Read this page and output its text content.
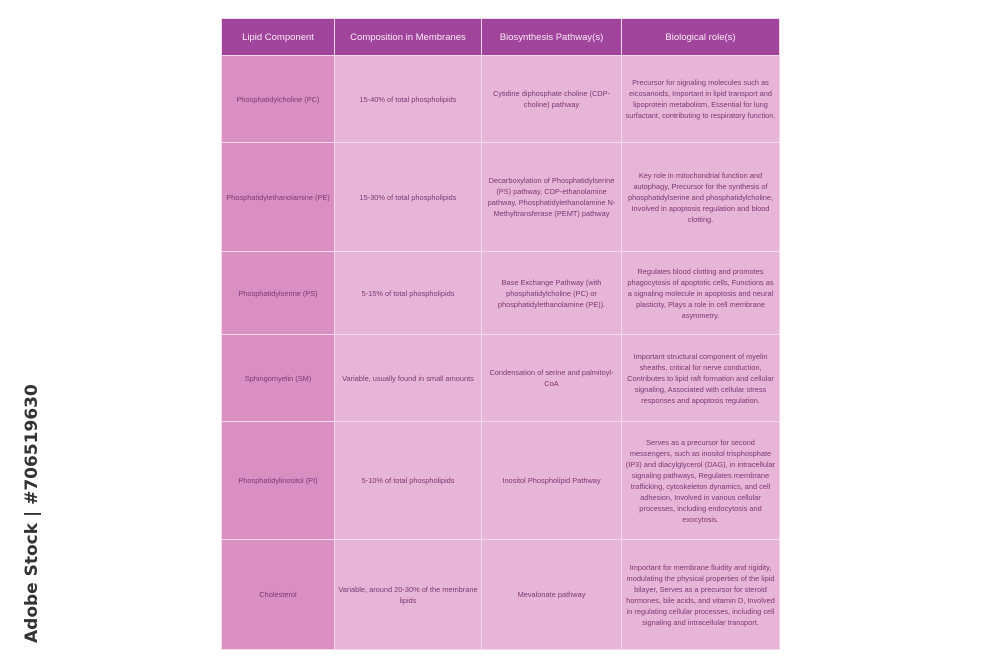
Adobe Stock | #706519630
Lipid Component	Composition in Membranes	Biosynthesis Pathway(s)	Biological role(s)
Phosphatidylcholine (PC)	15-40% of total phospholipids	Cytidine diphosphate choline (CDP-choline) pathway	Precursor for signaling molecules such as eicosanoids, Important in lipid transport and lipoprotein metabolism, Essential for lung surfactant, contributing to respiratory function.
Phosphatidylethanolamine (PE)	15-30% of total phospholipids	Decarboxylation of Phosphatidylserine (PS) pathway, CDP-ethanolamine pathway, Phosphatidylethanolamine N-Methyltransferase (PEMT) pathway	Key role in mitochondrial function and autophagy, Precursor for the synthesis of phosphatidylserine and phosphatidylcholine, Involved in apoptosis regulation and blood clotting.
Phosphatidylserine (PS)	5-15% of total phospholipids	Base Exchange Pathway (with phosphatidylcholine (PC) or phosphatidylethanolamine (PE)).	Regulates blood clotting and promotes phagocytosis of apoptotic cells, Functions as a signaling molecule in apoptosis and neural plasticity, Plays a role in cell membrane asymmetry.
Sphingomyelin (SM)	Variable, usually found in small amounts	Condensation of serine and palmitoyl-CoA	Important structural component of myelin sheaths, critical for nerve conduction, Contributes to lipid raft formation and cellular signaling, Associated with cellular stress responses and apoptosis regulation.
Phosphatidylinositol (PI)	5-10% of total phospholipids	Inositol Phospholipid Pathway	Serves as a precursor for second messengers, such as inositol trisphosphate (IP3) and diacylglycerol (DAG), in intracellular signaling pathways, Regulates membrane trafficking, cytoskeleton dynamics, and cell adhesion, Involved in various cellular processes, including endocytosis and exocytosis.
Cholesterol	Variable, around 20-30% of the membrane lipids	Mevalonate pathway	Important for membrane fluidity and rigidity, modulating the physical properties of the lipid bilayer, Serves as a precursor for steroid hormones, bile acids, and vitamin D, Involved in regulating cellular processes, including cell signaling and intracellular transport.
